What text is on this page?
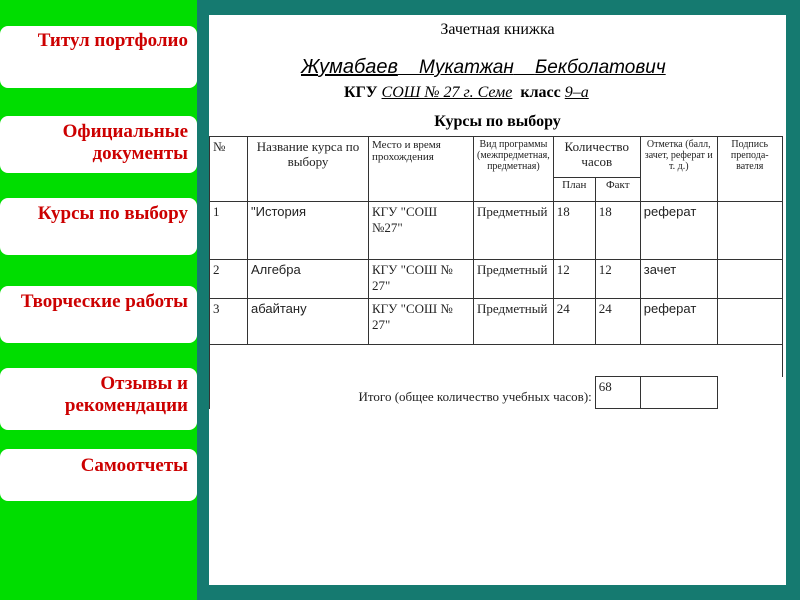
Титул портфолио
Официальные документы
Курсы по выбору
Творческие работы
Отзывы и рекомендации
Самоотчеты
Зачетная книжка
Жумабаев Мукатжан Бекболатович
КГУ СОШ № 27 г. Семе класс 9–а
Курсы по выбору
№	Название курса по выбору	Место и время прохождения	Вид программы (межпредметная, предметная)	Количество часов		Отметка (балл, зачет, реферат и т. д.)	Подпись препода-вателя
				План	Факт		
1	"История	КГУ "СОШ №27"	Предметный	18	18	реферат	
2	Алгебра	КГУ "СОШ № 27"	Предметный	12	12	зачет	
3	абайтану	КГУ "СОШ № 27"	Предметный	24	24	реферат	

Итого (общее количество учебных часов):					68		
